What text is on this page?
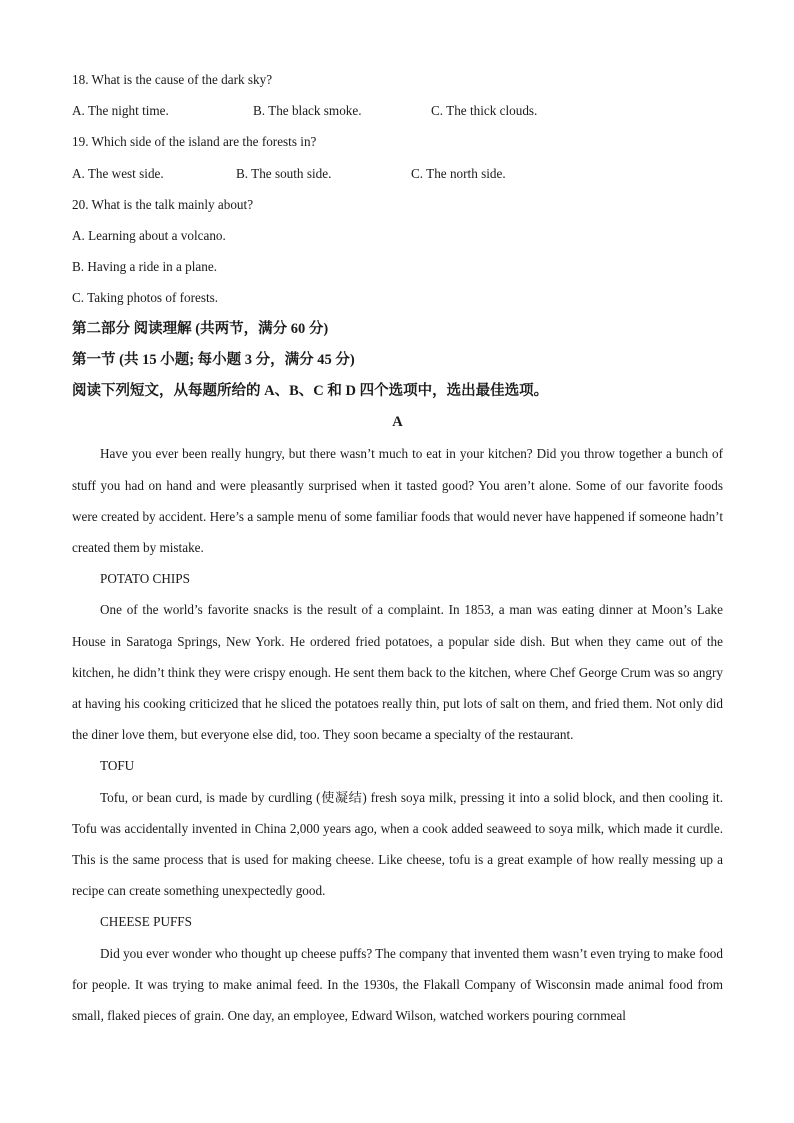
18. What is the cause of the dark sky?
A. The night time.	B. The black smoke.	C. The thick clouds.
19. Which side of the island are the forests in?
A. The west side.	B. The south side.	C. The north side.
20. What is the talk mainly about?
A. Learning about a volcano.
B. Having a ride in a plane.
C. Taking photos of forests.
第二部分 阅读理解 (共两节，满分 60 分)
第一节 (共 15 小题; 每小题 3 分，满分 45 分)
阅读下列短文，从每题所给的 A、B、C 和 D 四个选项中，选出最佳选项。
A
Have you ever been really hungry, but there wasn’t much to eat in your kitchen? Did you throw together a bunch of stuff you had on hand and were pleasantly surprised when it tasted good? You aren’t alone. Some of our favorite foods were created by accident. Here’s a sample menu of some familiar foods that would never have happened if someone hadn’t created them by mistake.
POTATO CHIPS
One of the world’s favorite snacks is the result of a complaint. In 1853, a man was eating dinner at Moon’s Lake House in Saratoga Springs, New York. He ordered fried potatoes, a popular side dish. But when they came out of the kitchen, he didn’t think they were crispy enough. He sent them back to the kitchen, where Chef George Crum was so angry at having his cooking criticized that he sliced the potatoes really thin, put lots of salt on them, and fried them. Not only did the diner love them, but everyone else did, too. They soon became a specialty of the restaurant.
TOFU
Tofu, or bean curd, is made by curdling (使凝结) fresh soya milk, pressing it into a solid block, and then cooling it. Tofu was accidentally invented in China 2,000 years ago, when a cook added seaweed to soya milk, which made it curdle. This is the same process that is used for making cheese. Like cheese, tofu is a great example of how really messing up a recipe can create something unexpectedly good.
CHEESE PUFFS
Did you ever wonder who thought up cheese puffs? The company that invented them wasn’t even trying to make food for people. It was trying to make animal feed. In the 1930s, the Flakall Company of Wisconsin made animal food from small, flaked pieces of grain. One day, an employee, Edward Wilson, watched workers pouring cornmeal
